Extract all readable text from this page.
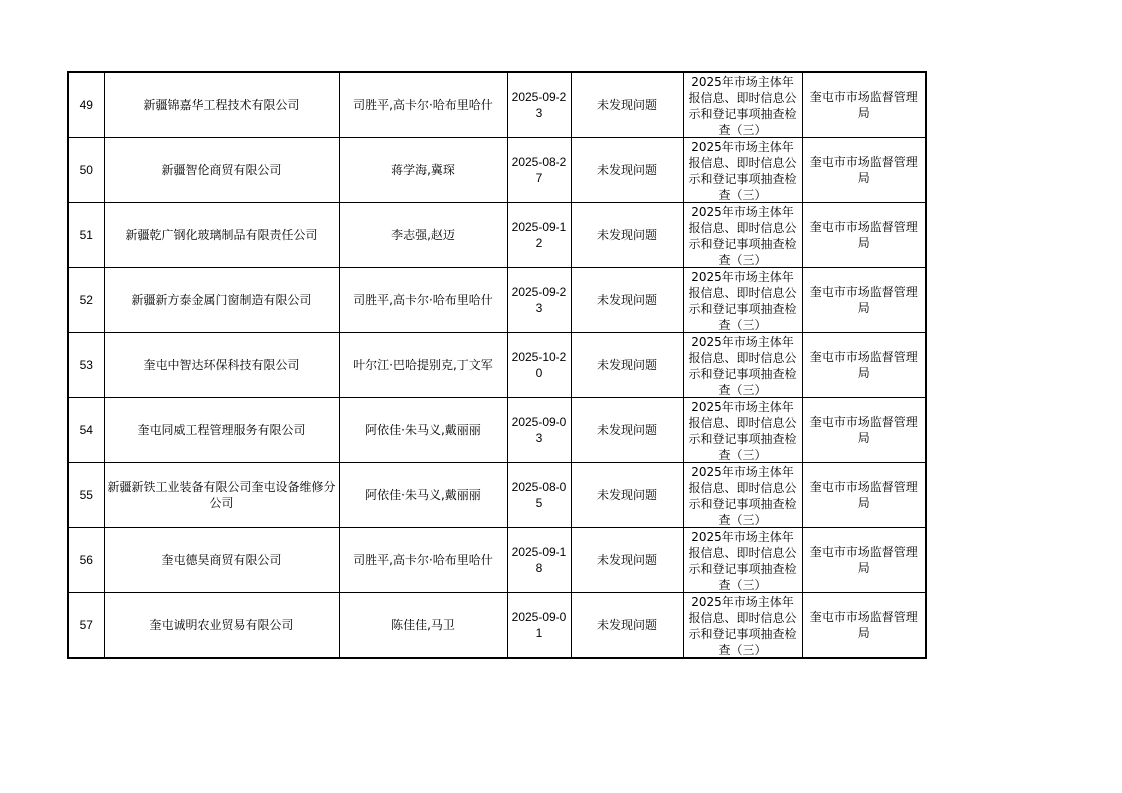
49	新疆锦嘉华工程技术有限公司	司胜平,高卡尔·哈布里哈什	2025-09-23	未发现问题	2025年市场主体年报信息、即时信息公示和登记事项抽查检查（三）	奎屯市市场监督管理局
50	新疆智伦商贸有限公司	蒋学海,冀琛	2025-08-27	未发现问题	2025年市场主体年报信息、即时信息公示和登记事项抽查检查（三）	奎屯市市场监督管理局
51	新疆乾广钢化玻璃制品有限责任公司	李志强,赵迈	2025-09-12	未发现问题	2025年市场主体年报信息、即时信息公示和登记事项抽查检查（三）	奎屯市市场监督管理局
52	新疆新方泰金属门窗制造有限公司	司胜平,高卡尔·哈布里哈什	2025-09-23	未发现问题	2025年市场主体年报信息、即时信息公示和登记事项抽查检查（三）	奎屯市市场监督管理局
53	奎屯中智达环保科技有限公司	叶尔江·巴哈提别克,丁文军	2025-10-20	未发现问题	2025年市场主体年报信息、即时信息公示和登记事项抽查检查（三）	奎屯市市场监督管理局
54	奎屯同威工程管理服务有限公司	阿依佳·朱马义,戴丽丽	2025-09-03	未发现问题	2025年市场主体年报信息、即时信息公示和登记事项抽查检查（三）	奎屯市市场监督管理局
55	新疆新铁工业装备有限公司奎屯设备维修分公司	阿依佳·朱马义,戴丽丽	2025-08-05	未发现问题	2025年市场主体年报信息、即时信息公示和登记事项抽查检查（三）	奎屯市市场监督管理局
56	奎屯德昊商贸有限公司	司胜平,高卡尔·哈布里哈什	2025-09-18	未发现问题	2025年市场主体年报信息、即时信息公示和登记事项抽查检查（三）	奎屯市市场监督管理局
57	奎屯诚明农业贸易有限公司	陈佳佳,马卫	2025-09-01	未发现问题	2025年市场主体年报信息、即时信息公示和登记事项抽查检查（三）	奎屯市市场监督管理局
